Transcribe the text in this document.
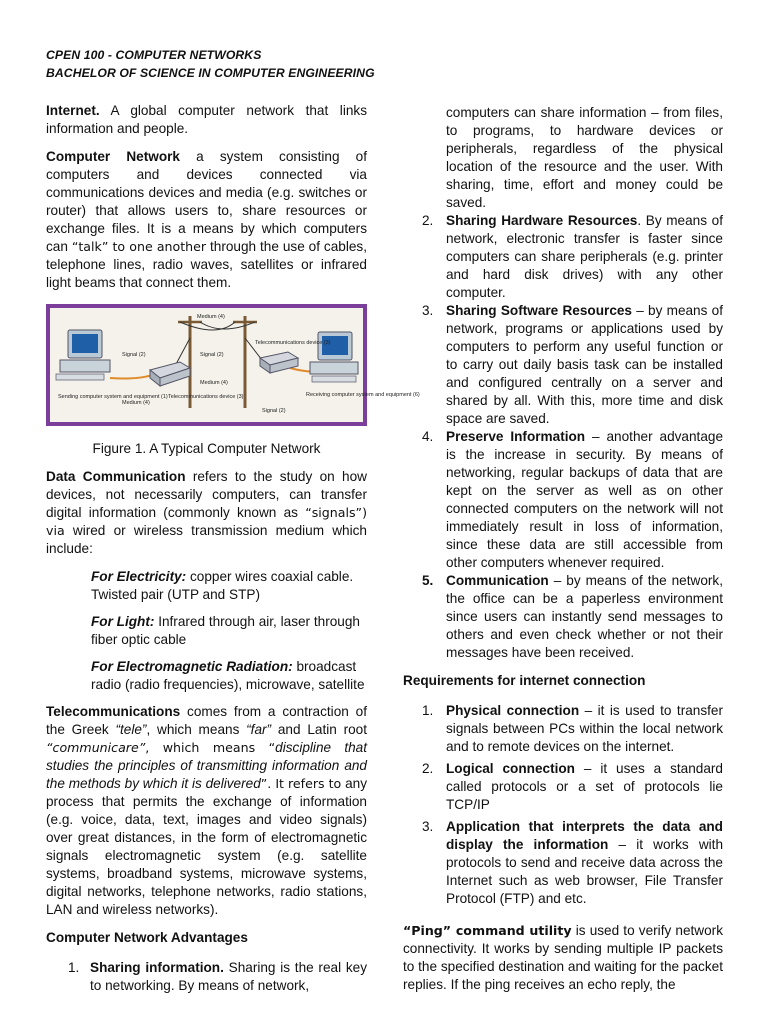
CPEN 100 - COMPUTER NETWORKS
BACHELOR OF SCIENCE IN COMPUTER ENGINEERING

Internet. A global computer network that links information and people.

Computer Network a system consisting of computers and devices connected via communications devices and media (e.g. switches or router) that allows users to, share resources or exchange files. It is a means by which computers can “talk” to one another through the use of cables, telephone lines, radio waves, satellites or infrared light beams that connect them.

Medium (4)
Signal (2)	Signal (2)
Telecommunications device (3)
Medium (4)
Telecommunications device (3)
Medium (4)
Sending computer system and equipment (1)
Signal (2)
Receiving computer system and equipment (6)

Figure 1. A Typical Computer Network

Data Communication refers to the study on how devices, not necessarily computers, can transfer digital information (commonly known as “signals”) via wired or wireless transmission medium which include:

For Electricity: copper wires coaxial cable. Twisted pair (UTP and STP)

For Light: Infrared through air, laser through fiber optic cable

For Electromagnetic Radiation: broadcast radio (radio frequencies), microwave, satellite

Telecommunications comes from a contraction of the Greek “tele”, which means “far” and Latin root “communicare”, which means “discipline that studies the principles of transmitting information and the methods by which it is delivered”. It refers to any process that permits the exchange of information (e.g. voice, data, text, images and video signals) over great distances, in the form of electromagnetic signals electromagnetic system (e.g. satellite systems, broadband systems, microwave systems, digital networks, telephone networks, radio stations, LAN and wireless networks).

Computer Network Advantages

1. Sharing information. Sharing is the real key to networking. By means of network,
computers can share information – from files, to programs, to hardware devices or peripherals, regardless of the physical location of the resource and the user. With sharing, time, effort and money could be saved.
2. Sharing Hardware Resources. By means of network, electronic transfer is faster since computers can share peripherals (e.g. printer and hard disk drives) with any other computer.
3. Sharing Software Resources – by means of network, programs or applications used by computers to perform any useful function or to carry out daily basis task can be installed and configured centrally on a server and shared by all. With this, more time and disk space are saved.
4. Preserve Information – another advantage is the increase in security. By means of networking, regular backups of data that are kept on the server as well as on other connected computers on the network will not immediately result in loss of information, since these data are still accessible from other computers whenever required.
5. Communication – by means of the network, the office can be a paperless environment since users can instantly send messages to others and even check whether or not their messages have been received.

Requirements for internet connection

1. Physical connection – it is used to transfer signals between PCs within the local network and to remote devices on the internet.
2. Logical connection – it uses a standard called protocols or a set of protocols lie TCP/IP
3. Application that interprets the data and display the information – it works with protocols to send and receive data across the Internet such as web browser, File Transfer Protocol (FTP) and etc.

“Ping” command utility is used to verify network connectivity. It works by sending multiple IP packets to the specified destination and waiting for the packet replies. If the ping receives an echo reply, the
